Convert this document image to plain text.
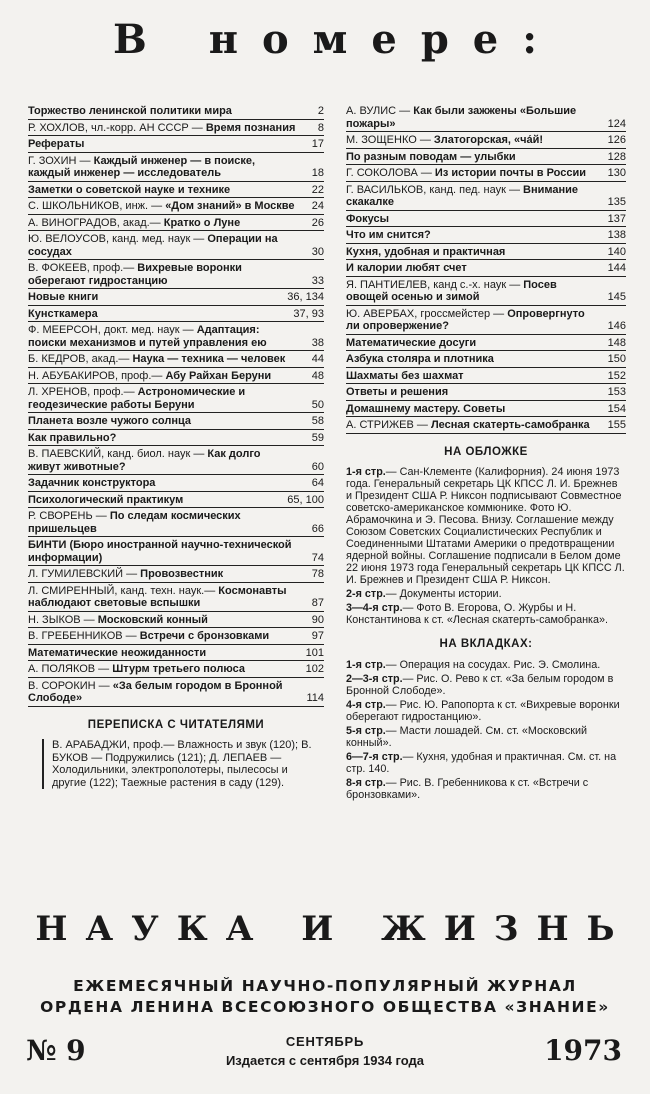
В номере:
Торжество ленинской политики мира	2
Р. ХОХЛОВ, чл.-корр. АН СССР — Время познания	8
Рефераты	17
Г. ЗОХИН — Каждый инженер — в поиске, каждый инженер — исследователь	18
Заметки о советской науке и технике	22
С. ШКОЛЬНИКОВ, инж. — «Дом знаний» в Москве	24
А. ВИНОГРАДОВ, акад.— Кратко о Луне	26
Ю. ВЕЛОУСОВ, канд. мед. наук — Операции на сосудах	30
В. ФОКЕЕВ, проф.— Вихревые воронки оберегают гидростанцию	33
Новые книги	36, 134
Кунсткамера	37, 93
Ф. МЕЕРСОН, докт. мед. наук — Адаптация: поиски механизмов и путей управления ею	38
Б. КЕДРОВ, акад.— Наука — техника — человек	44
Н. АБУБАКИРОВ, проф.— Абу Райхан Беруни	48
Л. ХРЕНОВ, проф.— Астрономические и геодезические работы Беруни	50
Планета возле чужого солнца	58
Как правильно?	59
В. ПАЕВСКИЙ, канд. биол. наук — Как долго живут животные?	60
Задачник конструктора	64
Психологический практикум	65, 100
Р. СВОРЕНЬ — По следам космических пришельцев	66
БИНТИ (Бюро иностранной научно-технической информации)	74
Л. ГУМИЛЕВСКИЙ — Провозвестник	78
Л. СМИРЕННЫЙ, канд. техн. наук.— Космонавты наблюдают световые вспышки	87
Н. ЗЫКОВ — Московский конный	90
В. ГРЕБЕННИКОВ — Встречи с бронзовками	97
Математические неожиданности	101
А. ПОЛЯКОВ — Штурм третьего полюса	102
В. СОРОКИН — «За белым городом в Бронной Слободе»	114
ПЕРЕПИСКА С ЧИТАТЕЛЯМИ
В. АРАБАДЖИ, проф.— Влажность и звук (120); В. БУКОВ — Подружились (121); Д. ЛЕПАЕВ — Холодильники, электрополотеры, пылесосы и другие (122); Таежные растения в саду (129).
А. ВУЛИС — Как были зажжены «Большие пожары»	124
М. ЗОЩЕНКО — Златогорская, «ча́й!	126
По разным поводам — улыбки	128
Г. СОКОЛОВА — Из истории почты в России	130
Г. ВАСИЛЬКОВ, канд. пед. наук — Внимание скакалке	135
Фокусы	137
Что им снится?	138
Кухня, удобная и практичная	140
И калории любят счет	144
Я. ПАНТИЕЛЕВ, канд с.-х. наук — Посев овощей осенью и зимой	145
Ю. АВЕРБАХ, гроссмейстер — Опровергнуто ли опровержение?	146
Математические досуги	148
Азбука столяра и плотника	150
Шахматы без шахмат	152
Ответы и решения	153
Домашнему мастеру. Советы	154
А. СТРИЖЕВ — Лесная скатерть-самобранка	155
НА ОБЛОЖКЕ
1-я стр.— Сан-Клементе (Калифорния). 24 июня 1973 года. Генеральный секретарь ЦК КПСС Л. И. Брежнев и Президент США Р. Никсон подписывают Совместное советско-американское коммюнике. Фото Ю. Абрамочкина и Э. Песова. Внизу. Соглашение между Союзом Советских Социалистических Республик и Соединенными Штатами Америки о предотвращении ядерной войны. Соглашение подписали в Белом доме 22 июня 1973 года Генеральный секретарь ЦК КПСС Л. И. Брежнев и Президент США Р. Никсон.
2-я стр.— Документы истории.
3—4-я стр.— Фото В. Егорова, О. Журбы и Н. Константинова к ст. «Лесная скатерть-самобранка».
НА ВКЛАДКАХ:
1-я стр.— Операция на сосудах. Рис. Э. Смолина.
2—3-я стр.— Рис. О. Рево к ст. «За белым городом в Бронной Слободе».
4-я стр.— Рис. Ю. Рапопорта к ст. «Вихревые воронки оберегают гидростанцию».
5-я стр.— Масти лошадей. См. ст. «Московский конный».
6—7-я стр.— Кухня, удобная и практичная. См. ст. на стр. 140.
8-я стр.— Рис. В. Гребенникова к ст. «Встречи с бронзовками».
НАУКА И ЖИЗНЬ
ЕЖЕМЕСЯЧНЫЙ НАУЧНО-ПОПУЛЯРНЫЙ ЖУРНАЛ
ОРДЕНА ЛЕНИНА ВСЕСОЮЗНОГО ОБЩЕСТВА «ЗНАНИЕ»
№ 9	СЕНТЯБРЬ
Издается с сентября 1934 года	1973
